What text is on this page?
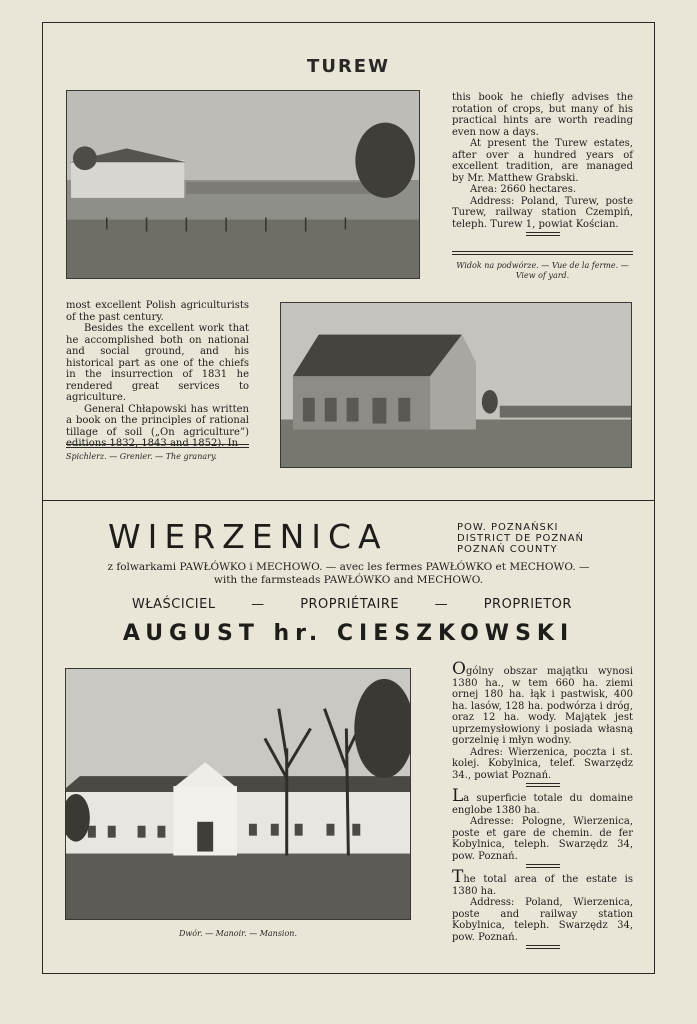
TUREW

this book he chiefly advises the rotation of crops, but many of his practical hints are worth reading even now a days.

At present the Turew estates, after over a hundred years of excellent tradition, are managed by Mr. Matthew Grabski.

Area: 2660 hectares.

Address: Poland, Turew, poste Turew, railway station Czempiń, teleph. Turew 1, powiat Kościan.

Widok na podwórze. — Vue de la ferme. — View of yard.

most excellent Polish agriculturists of the past century.

Besides the excellent work that he accomplished both on national and social ground, and his historical part as one of the chiefs in the insurrection of 1831 he rendered great services to agriculture.

General Chłapowski has written a book on the principles of rational tillage of soil („On agriculture”) editions 1832, 1843 and 1852). In

Spichlerz. — Grenier. — The granary.
WIERZENICA	POW. POZNAŃSKI
DISTRICT DE POZNAŃ
POZNAŃ COUNTY
z folwarkami PAWŁÓWKO i MECHOWO. — avec les fermes PAWŁÓWKO et MECHOWO. —
with the farmsteads PAWŁÓWKO and MECHOWO.
WŁAŚCICIEL	—	PROPRIÉTAIRE	—	PROPRIETOR
AUGUST hr. CIESZKOWSKI
Dwór. — Manoir. — Mansion.

Ogólny obszar majątku wynosi 1380 ha., w tem 660 ha. ziemi ornej 180 ha. łąk i pastwisk, 400 ha. lasów, 128 ha. podwórza i dróg, oraz 12 ha. wody. Majątek jest uprzemysłowiony i posiada własną gorzelnię i młyn wodny.

Adres: Wierzenica, poczta i st. kolej. Kobylnica, telef. Swarzędz 34., powiat Poznań.

La superficie totale du domaine englobe 1380 ha.

Adresse: Pologne, Wierzenica, poste et gare de chemin. de fer Kobylnica, teleph. Swarzędz 34, pow. Poznań.

The total area of the estate is 1380 ha.

Address: Poland, Wierzenica, poste and railway station Kobylnica, teleph. Swarzędz 34, pow. Poznań.
